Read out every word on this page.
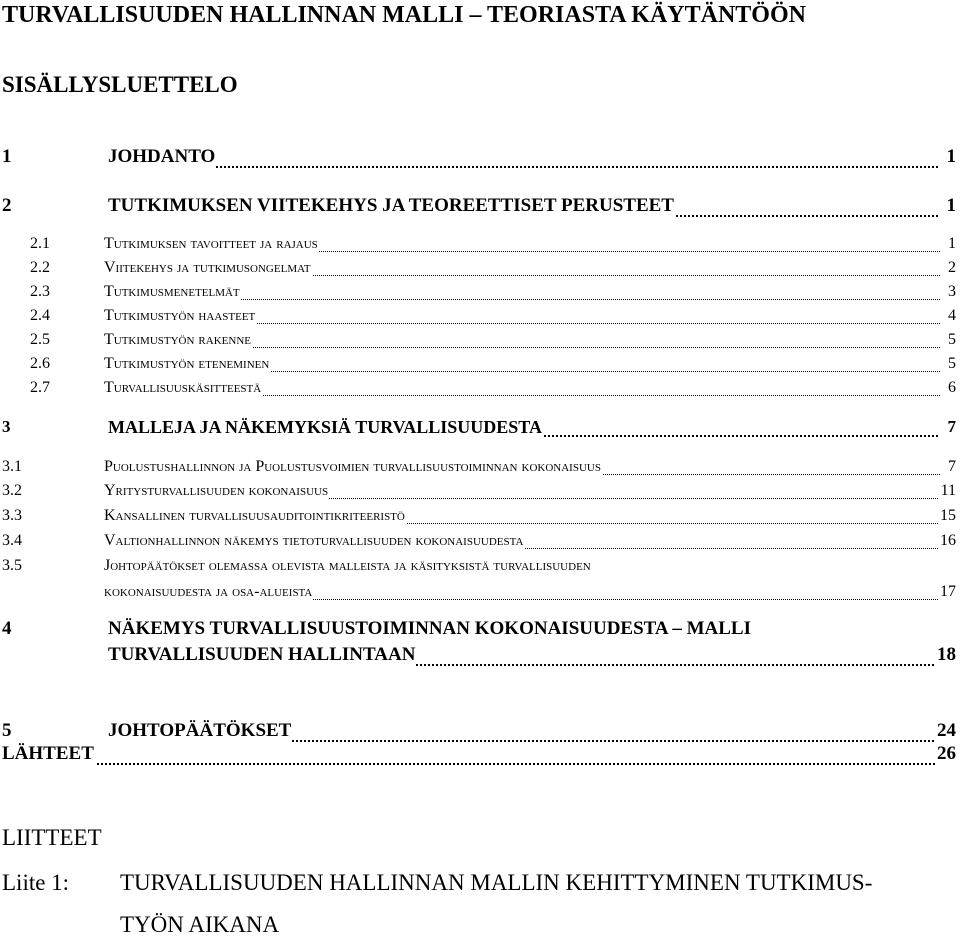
TURVALLISUUDEN HALLINNAN MALLI – TEORIASTA KÄYTÄNTÖÖN
SISÄLLYSLUETTELO
1	JOHDANTO	1
2	TUTKIMUKSEN VIITEKEHYS JA TEOREETTISET PERUSTEET	1
2.1	Tutkimuksen tavoitteet ja rajaus	1
2.2	Viitekehys ja tutkimusongelmat	2
2.3	Tutkimusmenetelmät	3
2.4	Tutkimustyön haasteet	4
2.5	Tutkimustyön rakenne	5
2.6	Tutkimustyön eteneminen	5
2.7	Turvallisuuskäsitteestä	6
3	MALLEJA JA NÄKEMYKSIÄ TURVALLISUUDESTA	7
3.1	Puolustushallinnon ja Puolustusvoimien turvallisuustoiminnan kokonaisuus	7
3.2	Yritysturvallisuuden kokonaisuus	11
3.3	Kansallinen turvallisuusauditointikriteeristö	15
3.4	Valtionhallinnon näkemys tietoturvallisuuden kokonaisuudesta	16
3.5	Johtopäätökset olemassa olevista malleista ja käsityksistä turvallisuuden
kokonaisuudesta ja osa-alueista	17
4	NÄKEMYS TURVALLISUUSTOIMINNAN KOKONAISUUDESTA – MALLI
TURVALLISUUDEN HALLINTAAN	18
5	JOHTOPÄÄTÖKSET	24
LÄHTEET	26
LIITTEET
Liite 1: TURVALLISUUDEN HALLINNAN MALLIN KEHITTYMINEN TUTKIMUS-
TYÖN AIKANA
